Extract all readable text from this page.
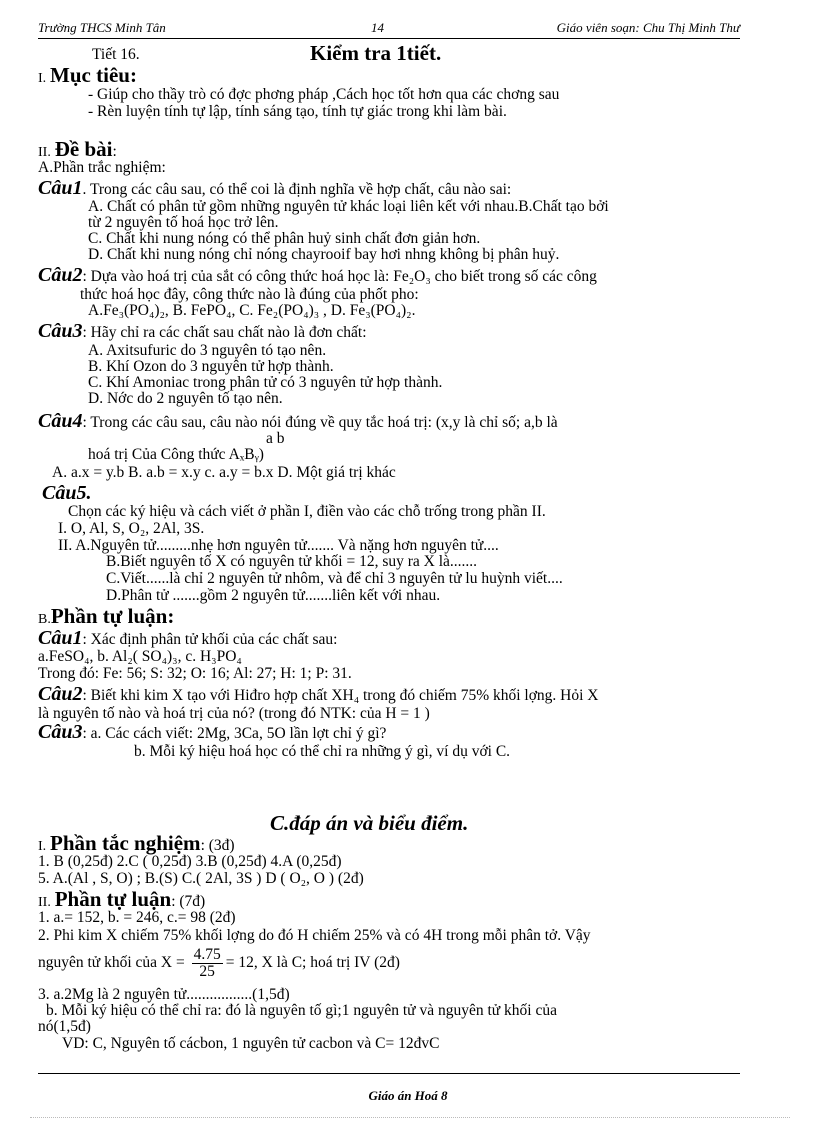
Trường THCS Minh Tân	14	Giáo viên soạn: Chu Thị Minh Thư
Tiết 16.	Kiểm tra 1tiết.
I. Mục tiêu:
- Giúp cho thầy trò có đợc phơng pháp ,Cách học tốt hơn qua các chơng sau
- Rèn luyện tính tự lập, tính sáng tạo, tính tự giác trong khi làm bài.
II. Đề bài:
A.Phần trắc nghiệm:
Câu1. Trong các câu sau, có thể coi là định nghĩa về hợp chất, câu nào sai:
A. Chất có phân tử gồm những nguyên tử khác loại liên kết với nhau.B.Chất tạo bởi
từ 2 nguyên tố hoá học trở lên.
C. Chất khi nung nóng có thể phân huỷ sinh chất đơn giản hơn.
D. Chất khi nung nóng chỉ nóng chayrooif bay hơi nhng không bị phân huỷ.
Câu2: Dựa vào hoá trị của sắt có công thức hoá học là: Fe₂O₃ cho biết trong số các công
thức hoá học đây, công thức nào là đúng của phốt pho:
A.Fe₃(PO₄)₂, B. FePO₄, C. Fe₂(PO₄)₃ , D. Fe₃(PO₄)₂.
Câu3: Hãy chỉ ra các chất sau chất nào là đơn chất:
A. Axitsufuric do 3 nguyên tó tạo nên.
B. Khí Ozon do 3 nguyên tử hợp thành.
C. Khí Amoniac trong phân tử có 3 nguyên tử hợp thành.
D. Nớc do 2 nguyên tố tạo nên.
Câu4: Trong các câu sau, câu nào nói đúng về quy tắc hoá trị: (x,y là chỉ số; a,b là
a b
hoá trị Của Công thức AₓBᵧ)
A. a.x = y.b B. a.b = x.y c. a.y = b.x D. Một giá trị khác
Câu5.
Chọn các ký hiệu và cách viết ở phần I, điền vào các chỗ trống trong phần II.
I. O, Al, S, O₂, 2Al, 3S.
II. A.Nguyên tử.........nhẹ hơn nguyên tử....... Và nặng hơn nguyên tử....
B.Biết nguyên tố X có nguyên tử khối = 12, suy ra X là.......
C.Viết......là chỉ 2 nguyên tử nhôm, và để chỉ 3 nguyên tử lu huỳnh viết....
D.Phân tử .......gồm 2 nguyên tử.......liên kết với nhau.
B.Phần tự luận:
Câu1: Xác định phân tử khối của các chất sau:
a.FeSO₄, b. Al₂( SO₄)₃, c. H₃PO₄
Trong đó: Fe: 56; S: 32; O: 16; Al: 27; H: 1; P: 31.
Câu2: Biết khi kim X tạo với Hiđro hợp chất XH₄ trong đó chiếm 75% khối lợng. Hỏi X
là nguyên tố nào và hoá trị của nó? (trong đó NTK: của H = 1 )
Câu3: a. Các cách viết: 2Mg, 3Ca, 5O lần lợt chỉ ý gì?
b. Mỗi ký hiệu hoá học có thể chỉ ra những ý gì, ví dụ với C.
C.đáp án và biểu điểm.
I. Phần tắc nghiệm: (3đ)
1. B (0,25đ) 2.C ( 0,25đ) 3.B (0,25đ) 4.A (0,25đ)
5. A.(Al , S, O) ; B.(S) C.( 2Al, 3S ) D ( O₂, O ) (2đ)
II. Phần tự luận: (7đ)
1. a.= 152, b. = 246, c.= 98 (2đ)
2. Phi kim X chiếm 75% khối lợng do đó H chiếm 25% và có 4H trong mỗi phân tở. Vậy
nguyên tử khối của $X = \frac{4.75}{25} = 12$, X là C; hoá trị IV (2đ)
3. a.2Mg là 2 nguyên tử.................(1,5đ)
b. Mỗi ký hiệu có thể chỉ ra: đó là nguyên tố gì;1 nguyên tử và nguyên tử khối của
nó(1,5đ)
VD: C, Nguyên tố cácbon, 1 nguyên tử cacbon và C= 12đvC
Giáo án Hoá 8
